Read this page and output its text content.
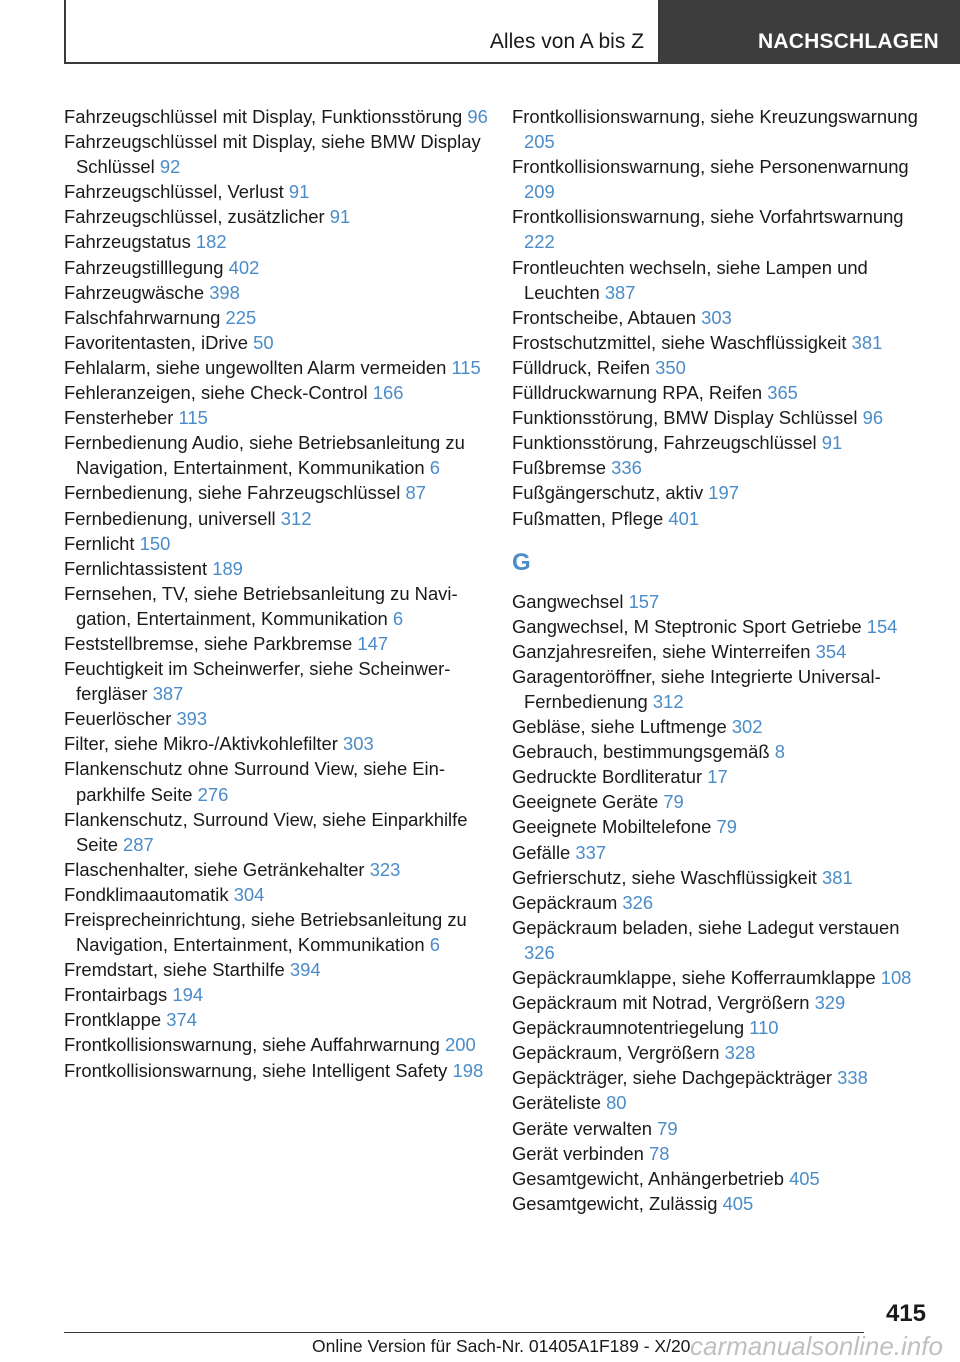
Alles von A bis Z	NACHSCHLAGEN
Fahrzeugschlüssel mit Display, Funktionsstörung 96
Fahrzeugschlüssel mit Display, siehe BMW Display Schlüssel 92
Fahrzeugschlüssel, Verlust 91
Fahrzeugschlüssel, zusätzlicher 91
Fahrzeugstatus 182
Fahrzeugstilllegung 402
Fahrzeugwäsche 398
Falschfahrwarnung 225
Favoritentasten, iDrive 50
Fehlalarm, siehe ungewollten Alarm vermeiden 115
Fehleranzeigen, siehe Check-Control 166
Fensterheber 115
Fernbedienung Audio, siehe Betriebsanleitung zu Navigation, Entertainment, Kommunikation 6
Fernbedienung, siehe Fahrzeugschlüssel 87
Fernbedienung, universell 312
Fernlicht 150
Fernlichtassistent 189
Fernsehen, TV, siehe Betriebsanleitung zu Navigation, Entertainment, Kommunikation 6
Feststellbremse, siehe Parkbremse 147
Feuchtigkeit im Scheinwerfer, siehe Scheinwerfergläser 387
Feuerlöscher 393
Filter, siehe Mikro-/Aktivkohlefilter 303
Flankenschutz ohne Surround View, siehe Einparkhilfe Seite 276
Flankenschutz, Surround View, siehe Einparkhilfe Seite 287
Flaschenhalter, siehe Getränkehalter 323
Fondklimaautomatik 304
Freisprecheinrichtung, siehe Betriebsanleitung zu Navigation, Entertainment, Kommunikation 6
Fremdstart, siehe Starthilfe 394
Frontairbags 194
Frontklappe 374
Frontkollisionswarnung, siehe Auffahrwarnung 200
Frontkollisionswarnung, siehe Intelligent Safety 198
Frontkollisionswarnung, siehe Kreuzungswarnung 205
Frontkollisionswarnung, siehe Personenwarnung 209
Frontkollisionswarnung, siehe Vorfahrtswarnung 222
Frontleuchten wechseln, siehe Lampen und Leuchten 387
Frontscheibe, Abtauen 303
Frostschutzmittel, siehe Waschflüssigkeit 381
Fülldruck, Reifen 350
Fülldruckwarnung RPA, Reifen 365
Funktionsstörung, BMW Display Schlüssel 96
Funktionsstörung, Fahrzeugschlüssel 91
Fußbremse 336
Fußgängerschutz, aktiv 197
Fußmatten, Pflege 401
G
Gangwechsel 157
Gangwechsel, M Steptronic Sport Getriebe 154
Ganzjahresreifen, siehe Winterreifen 354
Garagentoröffner, siehe Integrierte Universal-Fernbedienung 312
Gebläse, siehe Luftmenge 302
Gebrauch, bestimmungsgemäß 8
Gedruckte Bordliteratur 17
Geeignete Geräte 79
Geeignete Mobiltelefone 79
Gefälle 337
Gefrierschutz, siehe Waschflüssigkeit 381
Gepäckraum 326
Gepäckraum beladen, siehe Ladegut verstauen 326
Gepäckraumklappe, siehe Kofferraumklappe 108
Gepäckraum mit Notrad, Vergrößern 329
Gepäckraumnotentriegelung 110
Gepäckraum, Vergrößern 328
Gepäckträger, siehe Dachgepäckträger 338
Geräteliste 80
Geräte verwalten 79
Gerät verbinden 78
Gesamtgewicht, Anhängerbetrieb 405
Gesamtgewicht, Zulässig 405
415
Online Version für Sach-Nr. 01405A1F189 - X/20 carmanualsonline.info
